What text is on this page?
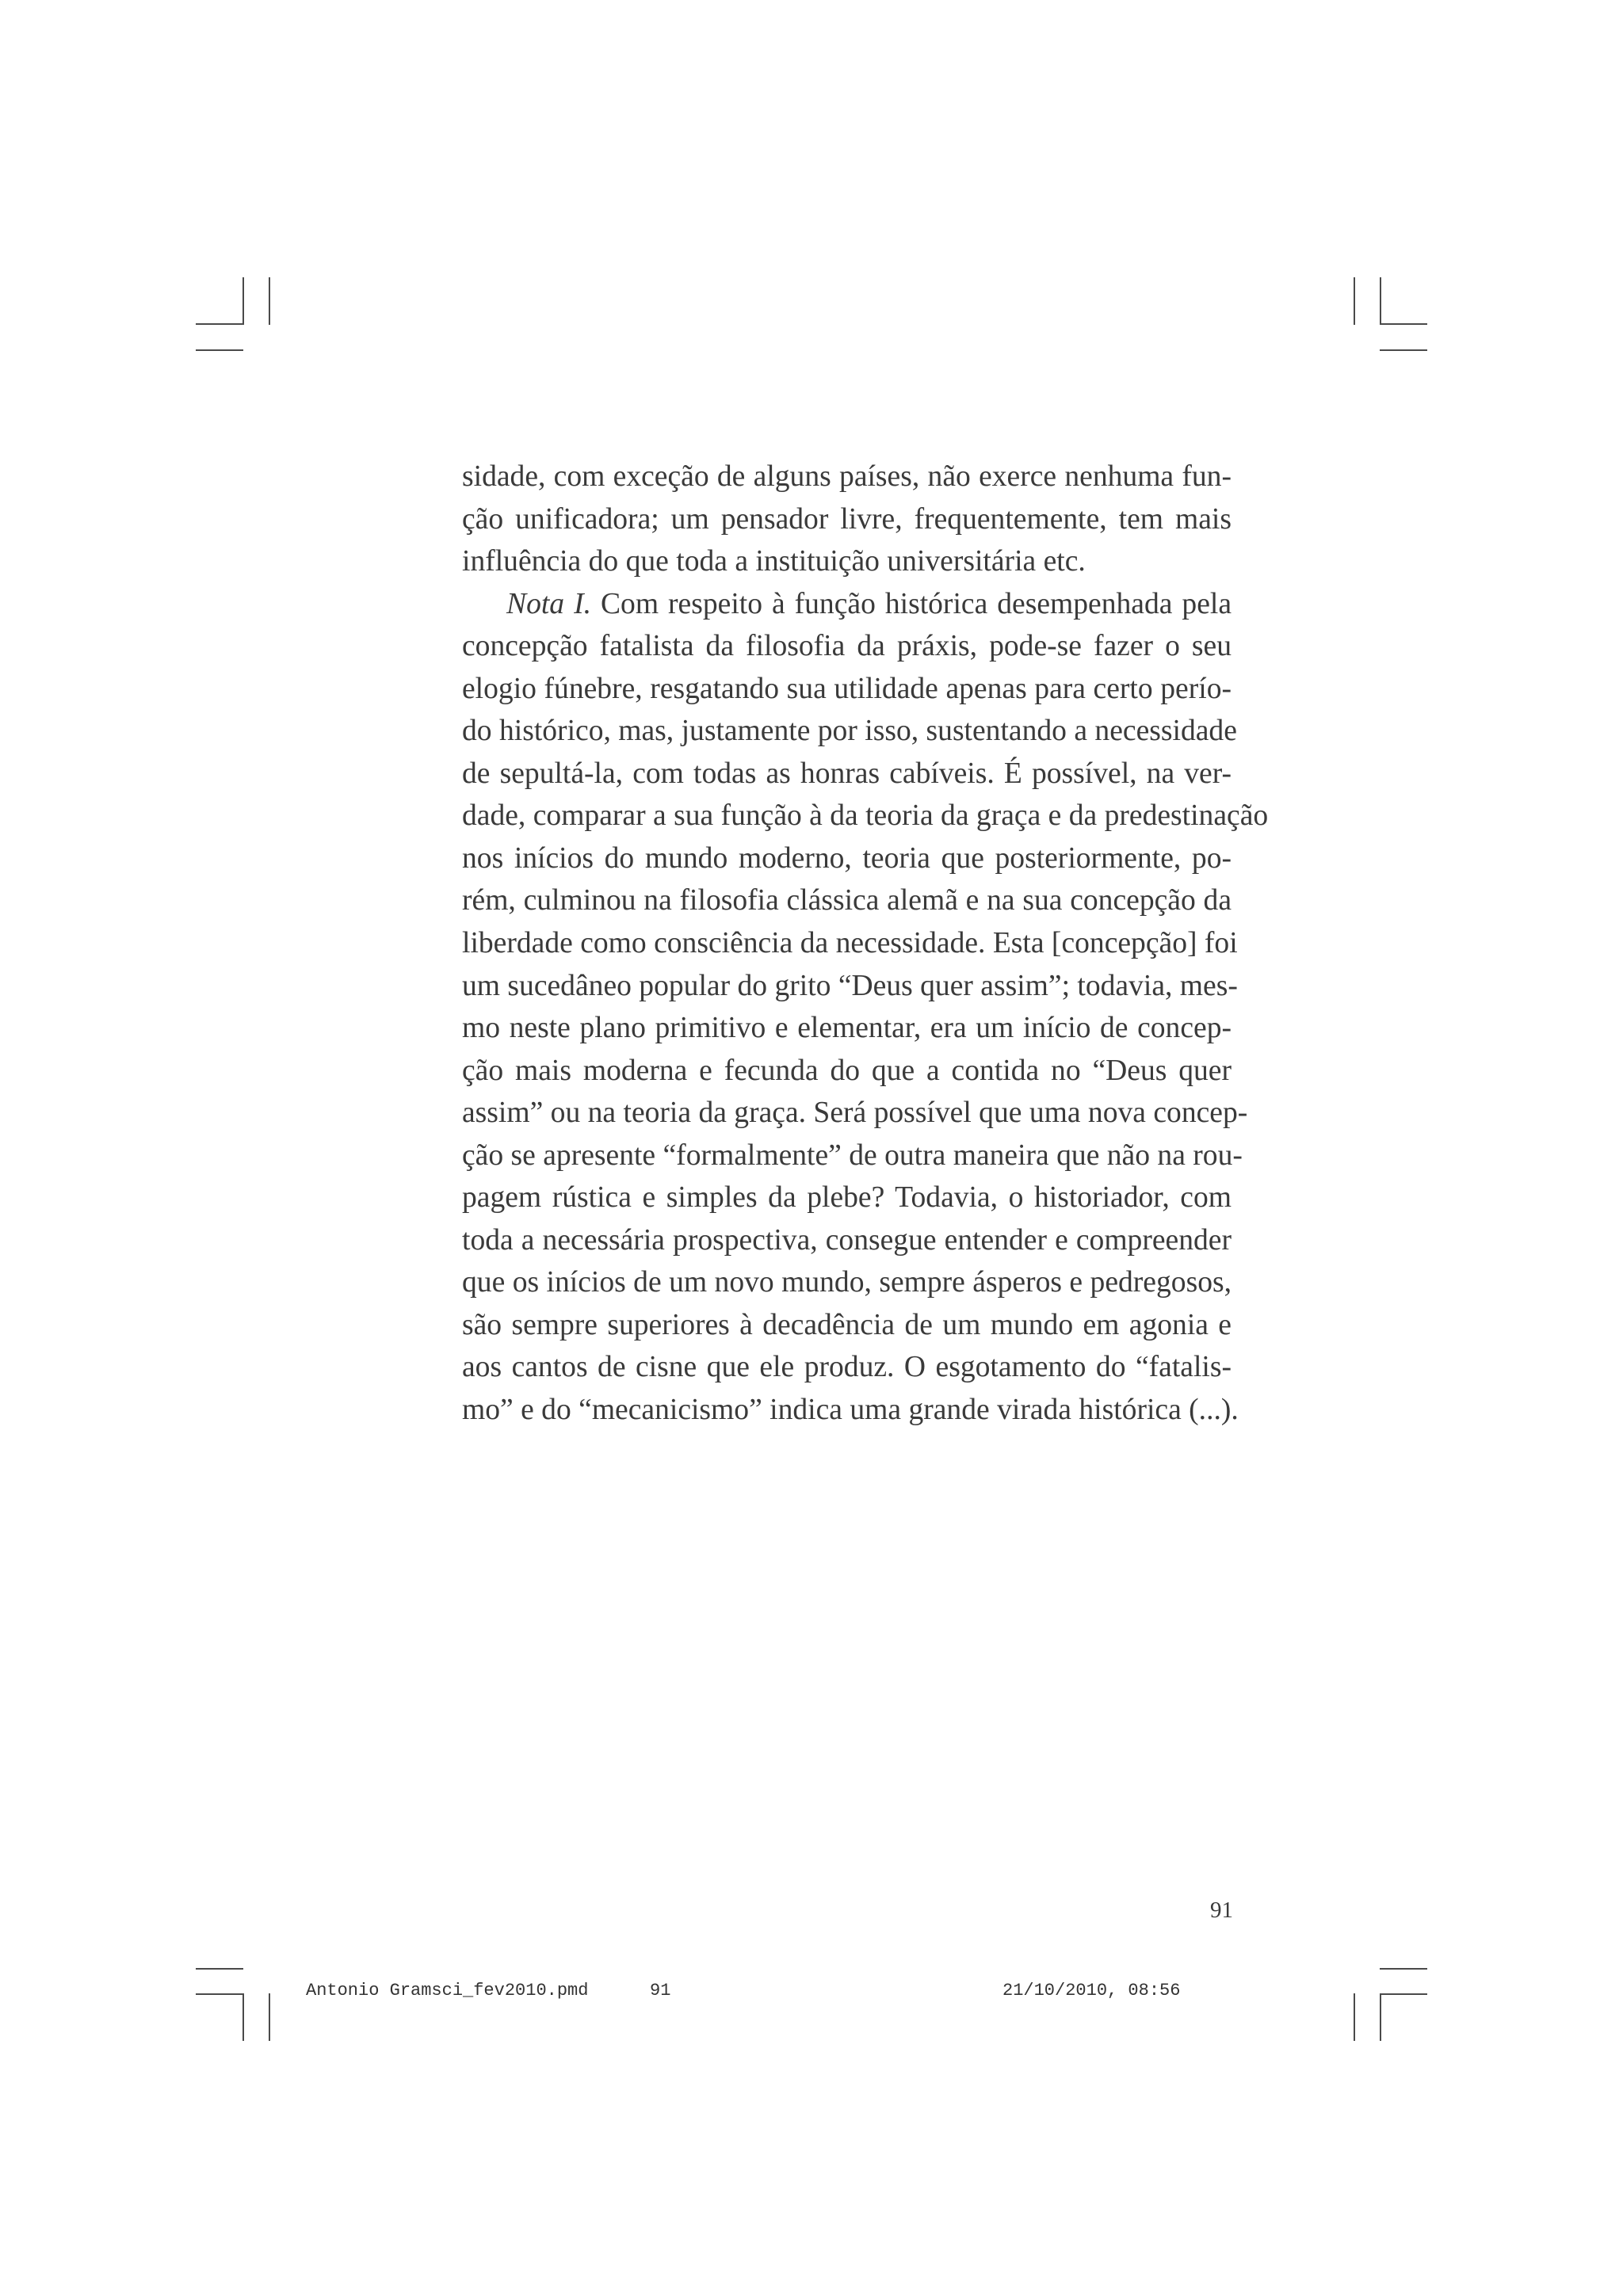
sidade, com exceção de alguns países, não exerce nenhuma fun-
ção unificadora; um pensador livre, frequentemente, tem mais
influência do que toda a instituição universitária etc.
Nota I. Com respeito à função histórica desempenhada pela
concepção fatalista da filosofia da práxis, pode-se fazer o seu
elogio fúnebre, resgatando sua utilidade apenas para certo perío-
do histórico, mas, justamente por isso, sustentando a necessidade
de sepultá-la, com todas as honras cabíveis. É possível, na ver-
dade, comparar a sua função à da teoria da graça e da predestinação
nos inícios do mundo moderno, teoria que posteriormente, po-
rém, culminou na filosofia clássica alemã e na sua concepção da
liberdade como consciência da necessidade. Esta [concepção] foi
um sucedâneo popular do grito “Deus quer assim”; todavia, mes-
mo neste plano primitivo e elementar, era um início de concep-
ção mais moderna e fecunda do que a contida no “Deus quer
assim” ou na teoria da graça. Será possível que uma nova concep-
ção se apresente “formalmente” de outra maneira que não na rou-
pagem rústica e simples da plebe? Todavia, o historiador, com
toda a necessária prospectiva, consegue entender e compreender
que os inícios de um novo mundo, sempre ásperos e pedregosos,
são sempre superiores à decadência de um mundo em agonia e
aos cantos de cisne que ele produz. O esgotamento do “fatalis-
mo” e do “mecanicismo” indica uma grande virada histórica (...).
91
Antonio Gramsci_fev2010.pmd	91	21/10/2010, 08:56
